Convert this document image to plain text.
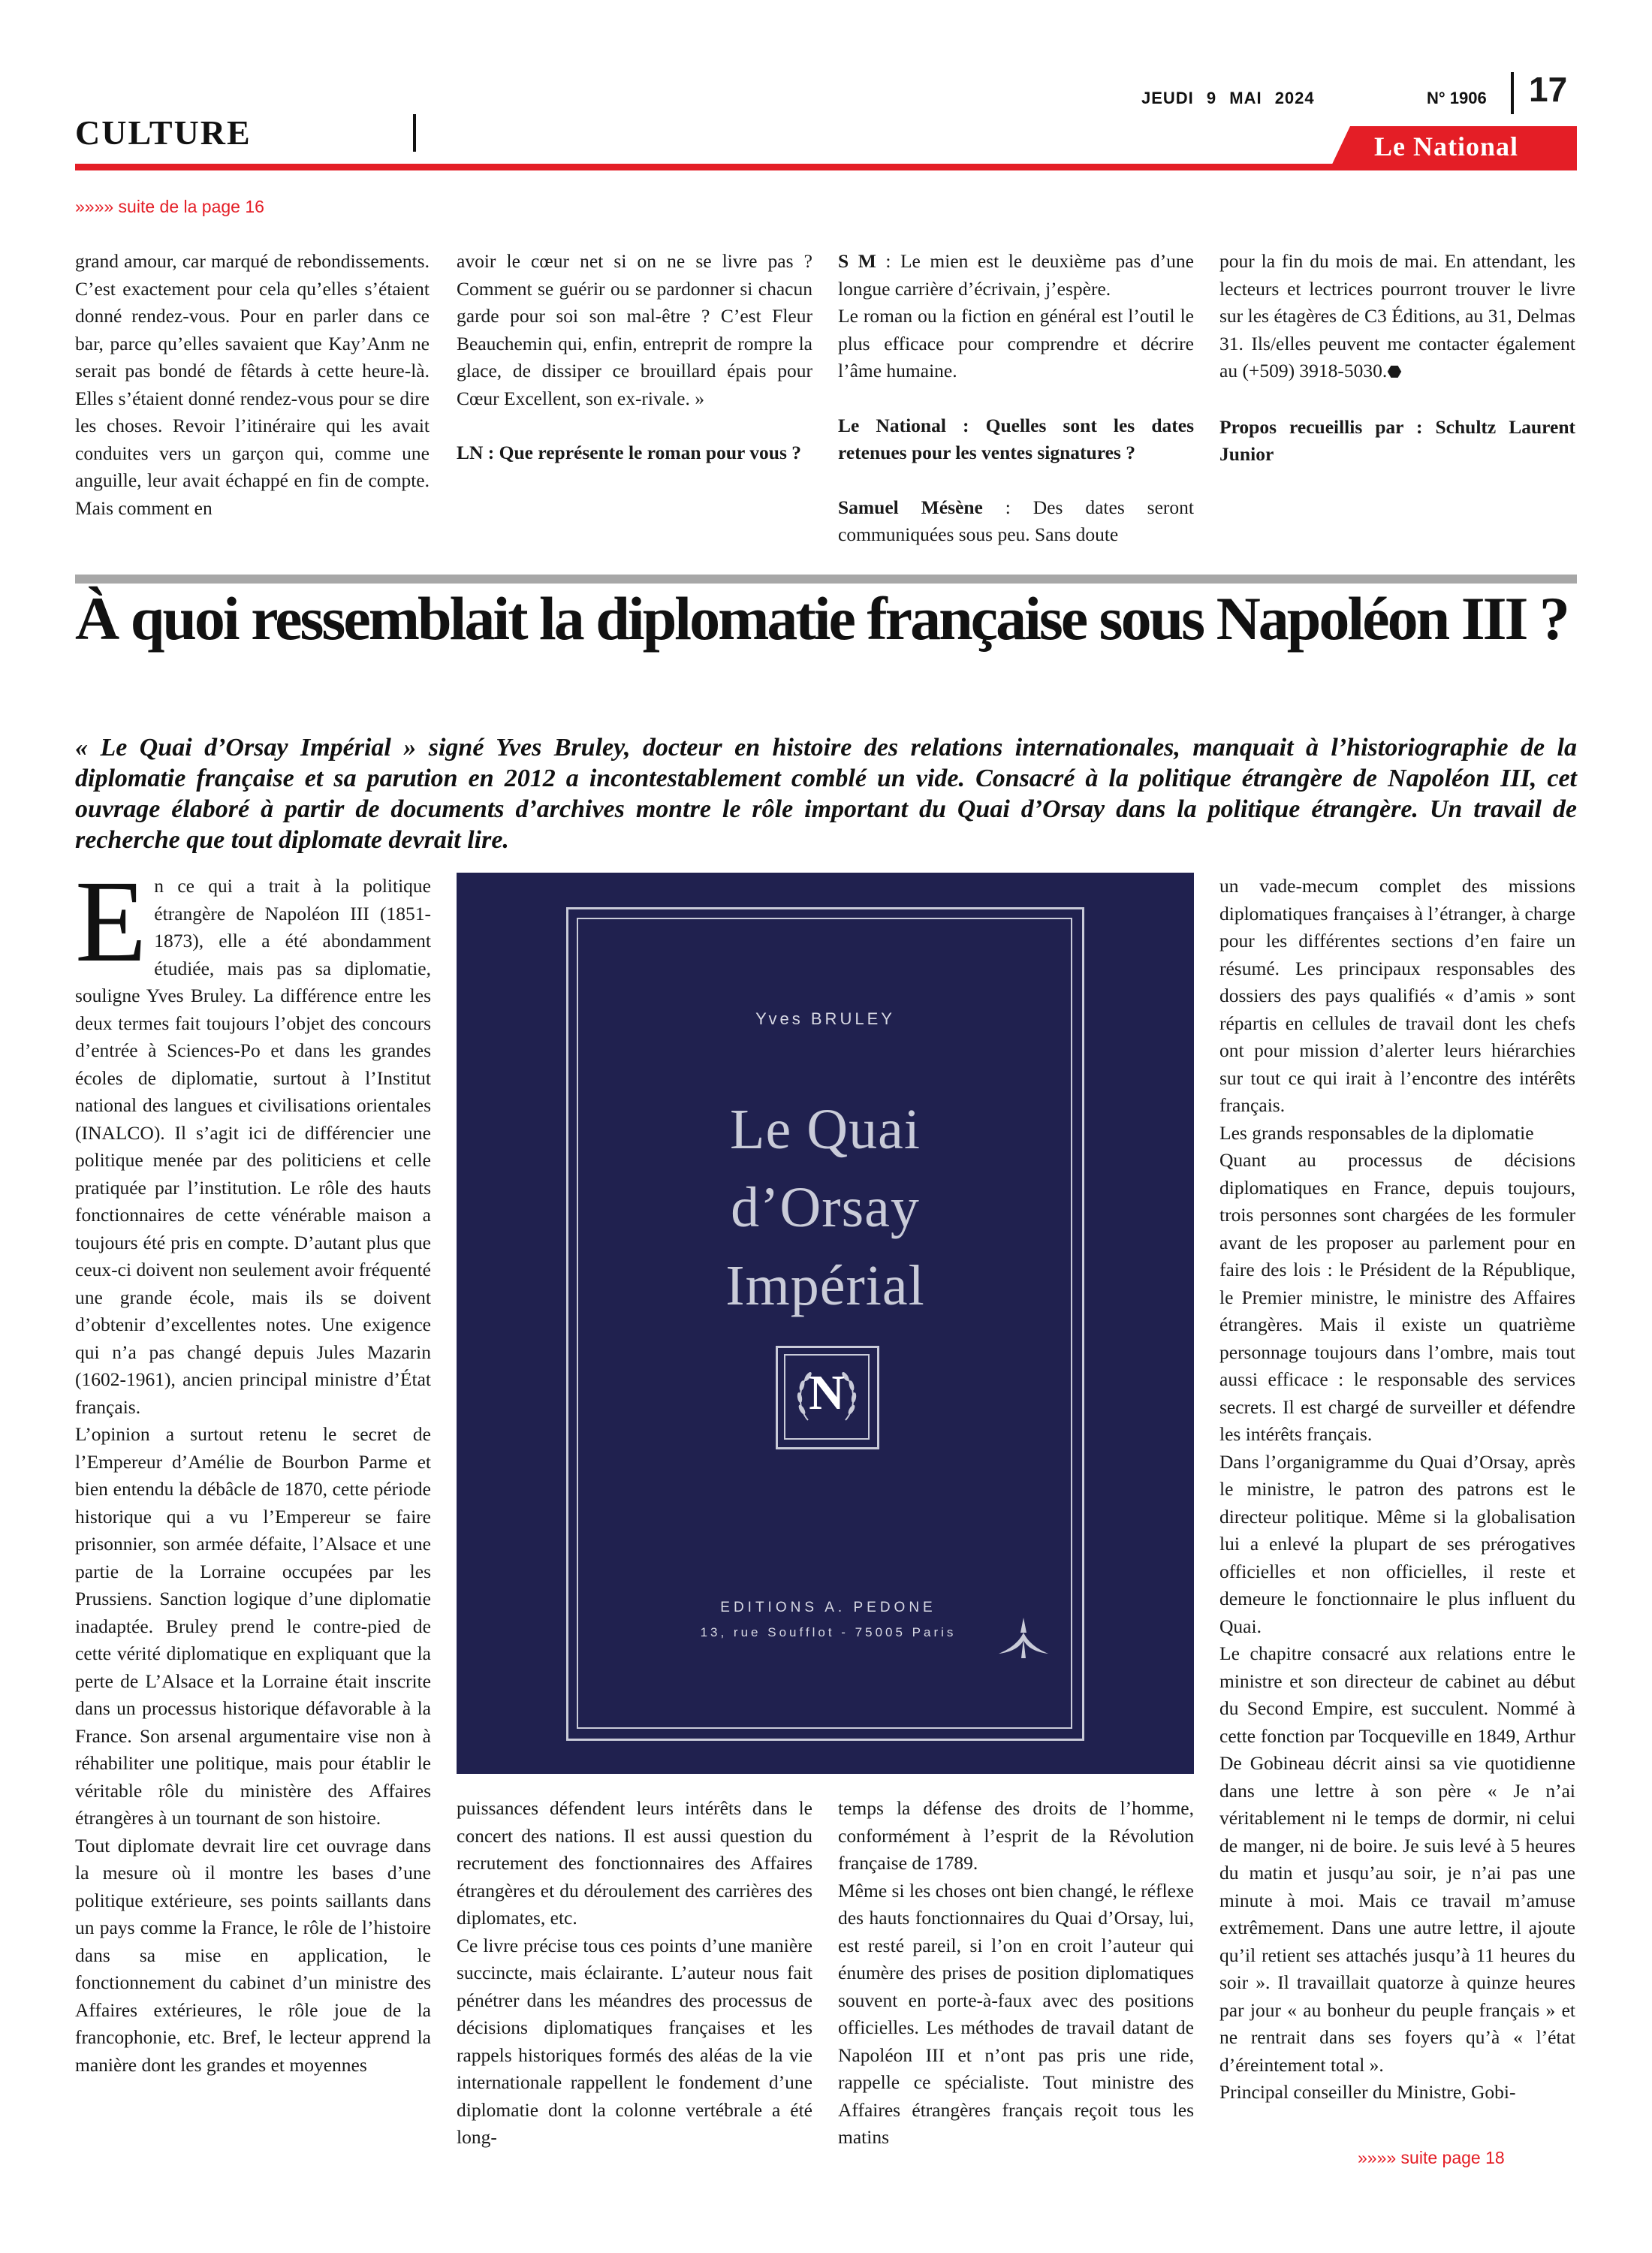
CULTURE
JEUDI 9 MAI 2024	N° 1906 17
Le National
»»»» suite de la page 16

grand amour, car marqué de rebondissements. C’est exactement pour cela qu’elles s’étaient donné rendez-vous. Pour en parler dans ce bar, parce qu’elles savaient que Kay’Anm ne serait pas bondé de fêtards à cette heure-là. Elles s’étaient donné rendez-vous pour se dire les choses. Revoir l’itinéraire qui les avait conduites vers un garçon qui, comme une anguille, leur avait échappé en fin de compte. Mais comment en

avoir le cœur net si on ne se livre pas ? Comment se guérir ou se pardonner si chacun garde pour soi son mal-être ? C’est Fleur Beauchemin qui, enfin, entreprit de rompre la glace, de dissiper ce brouillard épais pour Cœur Excellent, son ex-rivale. »

LN : Que représente le roman pour vous ?

S M : Le mien est le deuxième pas d’une longue carrière d’écrivain, j’espère.

Le roman ou la fiction en général est l’outil le plus efficace pour comprendre et décrire l’âme humaine.

Le National : Quelles sont les dates retenues pour les ventes signatures ?

Samuel Mésène : Des dates seront communiquées sous peu. Sans doute

pour la fin du mois de mai. En attendant, les lecteurs et lectrices pourront trouver le livre sur les étagères de C3 Éditions, au 31, Delmas 31. Ils/elles peuvent me contacter également au (+509) 3918-5030.⬣

Propos recueillis par : Schultz Laurent Junior

À quoi ressemblait la diplomatie française sous Napoléon III ?
« Le Quai d’Orsay Impérial » signé Yves Bruley, docteur en histoire des relations internationales, manquait à l’historiographie de la diplomatie française et sa parution en 2012 a incontestablement comblé un vide. Consacré à la politique étrangère de Napoléon III, cet ouvrage élaboré à partir de documents d’archives montre le rôle important du Quai d’Orsay dans la politique étrangère. Un travail de recherche que tout diplomate devrait lire.
E n ce qui a trait à la politique étrangère de Napoléon III (1851-1873), elle a été abondamment étudiée, mais pas sa diplomatie, souligne Yves Bruley. La différence entre les deux termes fait toujours l’objet des concours d’entrée à Sciences-Po et dans les grandes écoles de diplomatie, surtout à l’Institut national des langues et civilisations orientales (INALCO). Il s’agit ici de différencier une politique menée par des politiciens et celle pratiquée par l’institution. Le rôle des hauts fonctionnaires de cette vénérable maison a toujours été pris en compte. D’autant plus que ceux-ci doivent non seulement avoir fréquenté une grande école, mais ils se doivent d’obtenir d’excellentes notes. Une exigence qui n’a pas changé depuis Jules Mazarin (1602-1961), ancien principal ministre d’État français.

L’opinion a surtout retenu le secret de l’Empereur d’Amélie de Bourbon Parme et bien entendu la débâcle de 1870, cette période historique qui a vu l’Empereur se faire prisonnier, son armée défaite, l’Alsace et une partie de la Lorraine occupées par les Prussiens. Sanction logique d’une diplomatie inadaptée. Bruley prend le contre-pied de cette vérité diplomatique en expliquant que la perte de L’Alsace et la Lorraine était inscrite dans un processus historique défavorable à la France. Son arsenal argumentaire vise non à réhabiliter une politique, mais pour établir le véritable rôle du ministère des Affaires étrangères à un tournant de son histoire.

Tout diplomate devrait lire cet ouvrage dans la mesure où il montre les bases d’une politique extérieure, ses points saillants dans un pays comme la France, le rôle de l’histoire dans sa mise en application, le fonctionnement du cabinet d’un ministre des Affaires extérieures, le rôle joue de la francophonie, etc. Bref, le lecteur apprend la manière dont les grandes et moyennes

Yves BRULEY
Le Quai
d’Orsay
Impérial
N
EDITIONS A. PEDONE
13, rue Soufflot - 75005 Paris

puissances défendent leurs intérêts dans le concert des nations. Il est aussi question du recrutement des fonctionnaires des Affaires étrangères et du déroulement des carrières des diplomates, etc.

Ce livre précise tous ces points d’une manière succincte, mais éclairante. L’auteur nous fait pénétrer dans les méandres des processus de décisions diplomatiques françaises et les rappels historiques formés des aléas de la vie internationale rappellent le fondement d’une diplomatie dont la colonne vertébrale a été long-

temps la défense des droits de l’homme, conformément à l’esprit de la Révolution française de 1789.

Même si les choses ont bien changé, le réflexe des hauts fonctionnaires du Quai d’Orsay, lui, est resté pareil, si l’on en croit l’auteur qui énumère des prises de position diplomatiques souvent en porte-à-faux avec des positions officielles. Les méthodes de travail datant de Napoléon III et n’ont pas pris une ride, rappelle ce spécialiste. Tout ministre des Affaires étrangères français reçoit tous les matins

un vade-mecum complet des missions diplomatiques françaises à l’étranger, à charge pour les différentes sections d’en faire un résumé. Les principaux responsables des dossiers des pays qualifiés « d’amis » sont répartis en cellules de travail dont les chefs ont pour mission d’alerter leurs hiérarchies sur tout ce qui irait à l’encontre des intérêts français.

Les grands responsables de la diplomatie

Quant au processus de décisions diplomatiques en France, depuis toujours, trois personnes sont chargées de les formuler avant de les proposer au parlement pour en faire des lois : le Président de la République, le Premier ministre, le ministre des Affaires étrangères. Mais il existe un quatrième personnage toujours dans l’ombre, mais tout aussi efficace : le responsable des services secrets. Il est chargé de surveiller et défendre les intérêts français.

Dans l’organigramme du Quai d’Orsay, après le ministre, le patron des patrons est le directeur politique. Même si la globalisation lui a enlevé la plupart de ses prérogatives officielles et non officielles, il reste et demeure le fonctionnaire le plus influent du Quai.

Le chapitre consacré aux relations entre le ministre et son directeur de cabinet au début du Second Empire, est succulent. Nommé à cette fonction par Tocqueville en 1849, Arthur De Gobineau décrit ainsi sa vie quotidienne dans une lettre à son père « Je n’ai véritablement ni le temps de dormir, ni celui de manger, ni de boire. Je suis levé à 5 heures du matin et jusqu’au soir, je n’ai pas une minute à moi. Mais ce travail m’amuse extrêmement. Dans une autre lettre, il ajoute qu’il retient ses attachés jusqu’à 11 heures du soir ». Il travaillait quatorze à quinze heures par jour « au bonheur du peuple français » et ne rentrait dans ses foyers qu’à « l’état d’éreintement total ».

Principal conseiller du Ministre, Gobi-

»»»» suite page 18
